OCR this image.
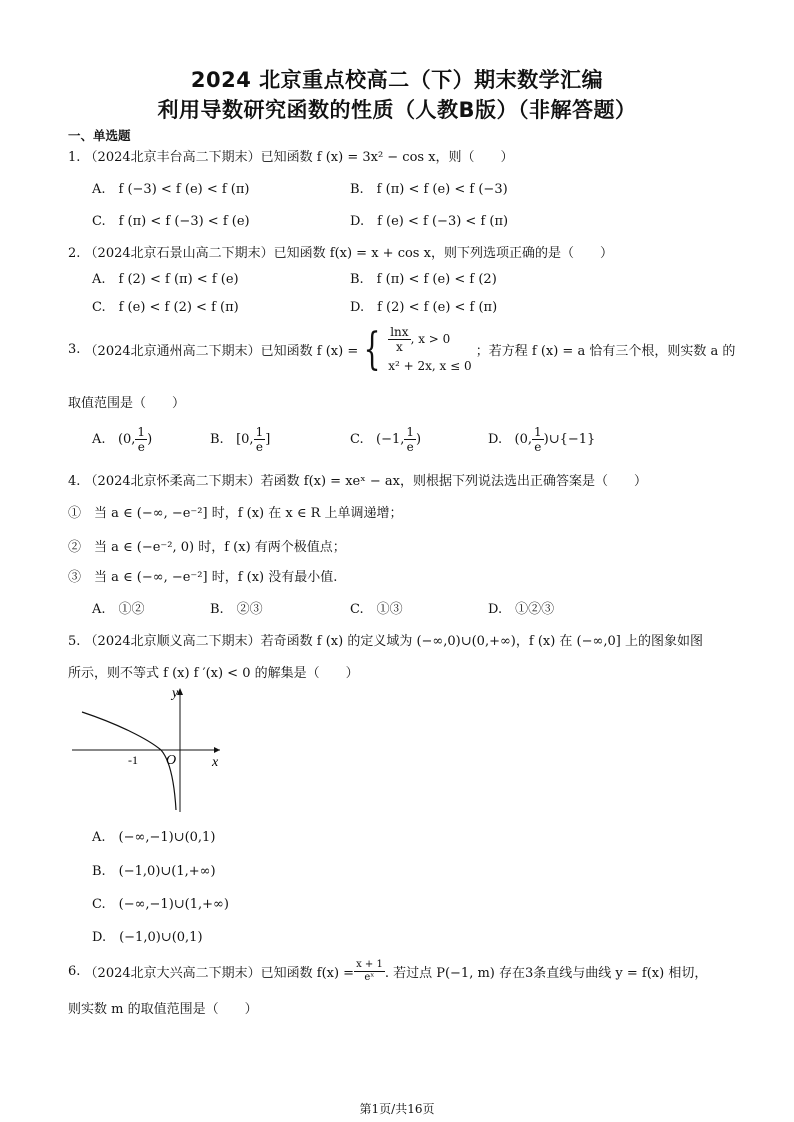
2024 北京重点校高二（下）期末数学汇编
利用导数研究函数的性质（人教B版）（非解答题）
一、单选题
1. （2024北京丰台高二下期末）已知函数 f (x) = 3x² − cos x，则（　　）
A.　f (−3) < f (e) < f (π)	B.　f (π) < f (e) < f (−3)
C.　f (π) < f (−3) < f (e)	D.　f (e) < f (−3) < f (π)
2. （2024北京石景山高二下期末）已知函数 f(x) = x + cos x，则下列选项正确的是（　　）
A.　f (2) < f (π) < f (e)	B.　f (π) < f (e) < f (2)
C.　f (e) < f (2) < f (π)	D.　f (2) < f (e) < f (π)
3.
（2024北京通州高二下期末）已知函数 f (x) = { $\frac{\ln x}{x}$ , x > 0
x² + 2x, x ≤ 0

；若方程 f (x) = a 恰有三个根，则实数 a 的
取值范围是（　　）
A. (0, $\frac{1}{e}$ )	B. [0, $\frac{1}{e}$ ]	C. (−1, $\frac{1}{e}$ )	D. (0, $\frac{1}{e}$ )∪{−1}
4. （2024北京怀柔高二下期末）若函数 f(x) = xeˣ − ax，则根据下列说法选出正确答案是（　　）
①　当 a ∈ (−∞, −e⁻²] 时，f (x) 在 x ∈ R 上单调递增；
②　当 a ∈ (−e⁻², 0) 时，f (x) 有两个极值点；
③　当 a ∈ (−∞, −e⁻²] 时，f (x) 没有最小值.
A.　①②	B.　②③	C.　①③	D.　①②③
5. （2024北京顺义高二下期末）若奇函数 f (x) 的定义域为 (−∞,0)∪(0,+∞)，f (x) 在 (−∞,0] 上的图象如图
所示，则不等式 f (x) f ′(x) < 0 的解集是（　　）
y
x
O
-1
A.　(−∞,−1)∪(0,1)
B.　(−1,0)∪(1,+∞)
C.　(−∞,−1)∪(1,+∞)
D.　(−1,0)∪(0,1)
6.
（2024北京大兴高二下期末）已知函数 $f(x) = \frac{x + 1}{\text{eˣ}}$ . 若过点 P(−1, m) 存在3条直线与曲线 y = f(x) 相切，
则实数 m 的取值范围是（　　）
第1页/共16页
